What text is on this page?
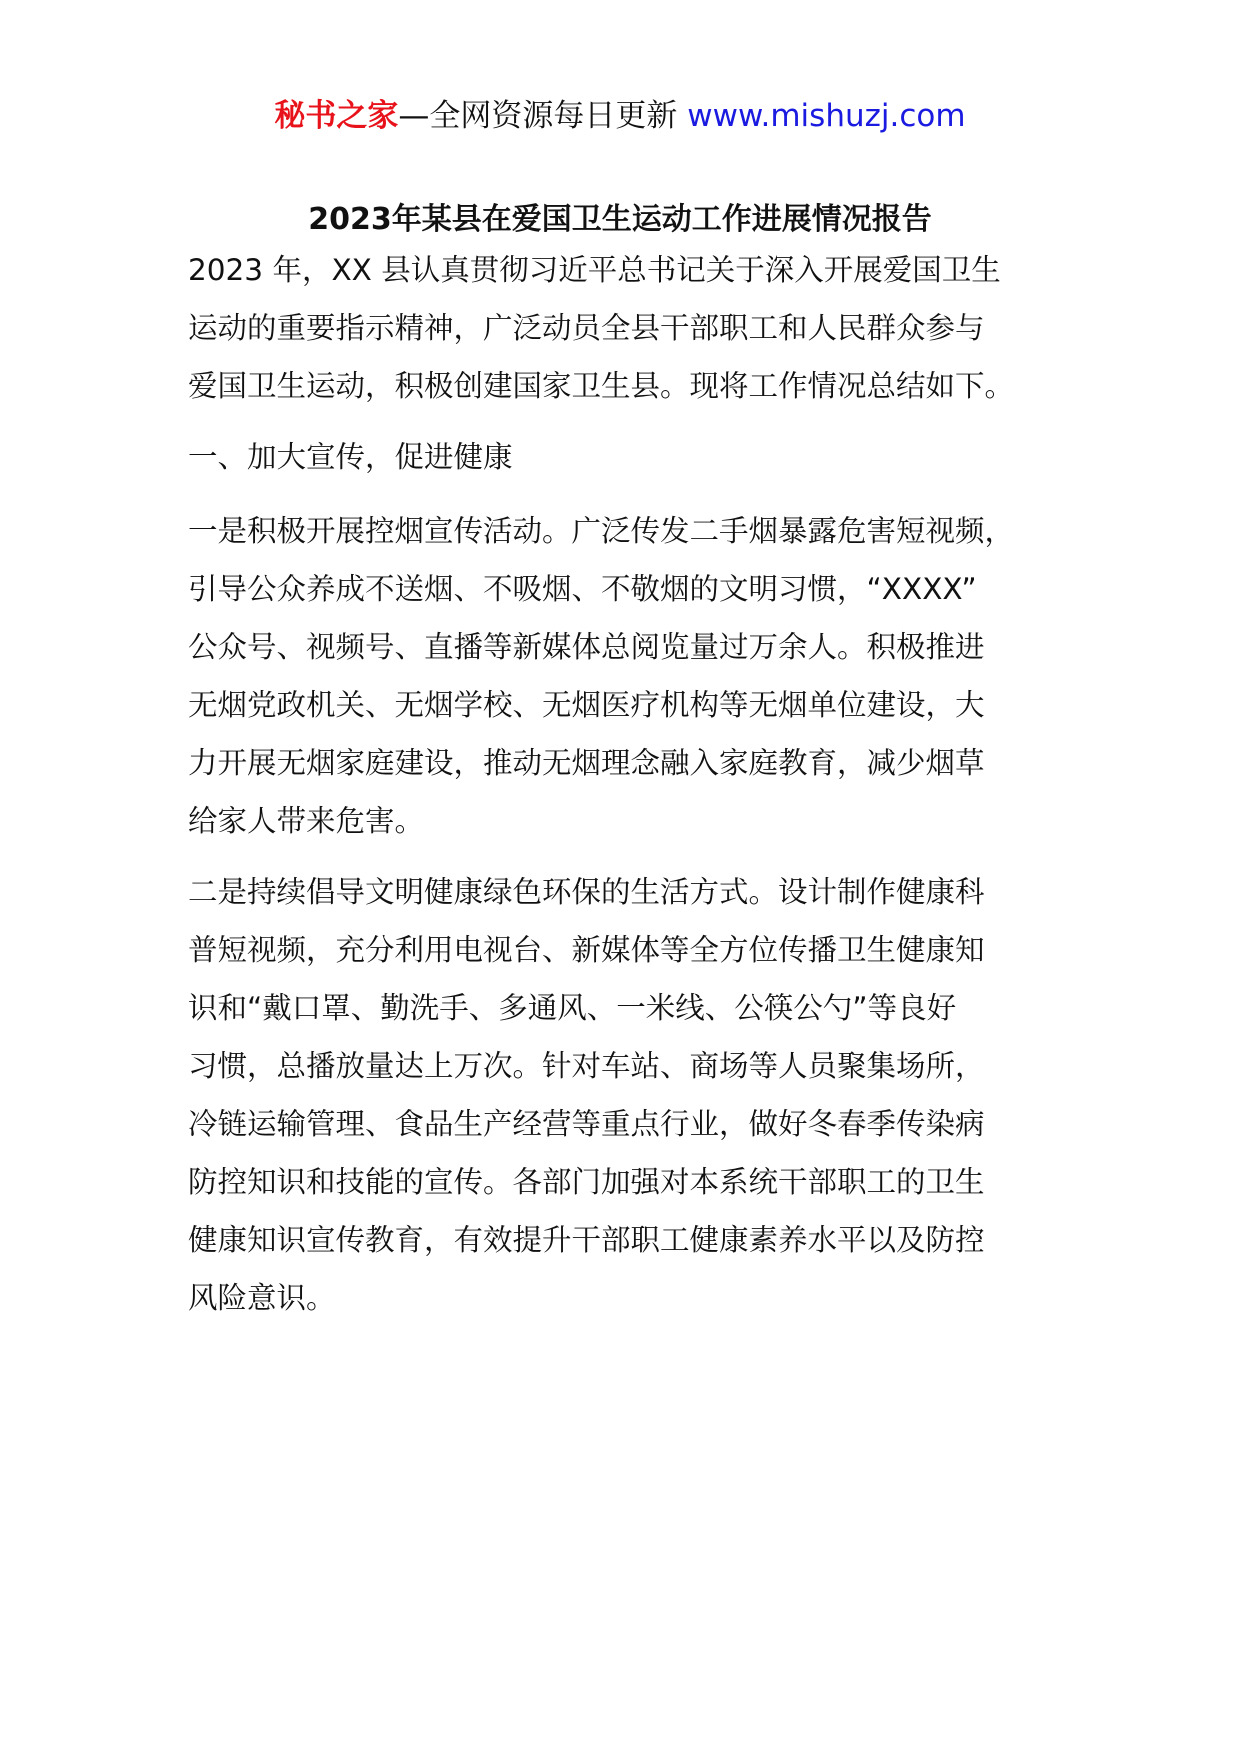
秘书之家—全网资源每日更新 www.mishuzj.com
2023年某县在爱国卫生运动工作进展情况报告
2023 年，XX 县认真贯彻习近平总书记关于深入开展爱国卫生
运动的重要指示精神，广泛动员全县干部职工和人民群众参与
爱国卫生运动，积极创建国家卫生县。现将工作情况总结如下。
一、加大宣传，促进健康
一是积极开展控烟宣传活动。广泛传发二手烟暴露危害短视频，
引导公众养成不送烟、不吸烟、不敬烟的文明习惯，“XXXX”
公众号、视频号、直播等新媒体总阅览量过万余人。积极推进
无烟党政机关、无烟学校、无烟医疗机构等无烟单位建设，大
力开展无烟家庭建设，推动无烟理念融入家庭教育，减少烟草
给家人带来危害。
二是持续倡导文明健康绿色环保的生活方式。设计制作健康科
普短视频，充分利用电视台、新媒体等全方位传播卫生健康知
识和“戴口罩、勤洗手、多通风、一米线、公筷公勺”等良好
习惯，总播放量达上万次。针对车站、商场等人员聚集场所，
冷链运输管理、食品生产经营等重点行业，做好冬春季传染病
防控知识和技能的宣传。各部门加强对本系统干部职工的卫生
健康知识宣传教育，有效提升干部职工健康素养水平以及防控
风险意识。
